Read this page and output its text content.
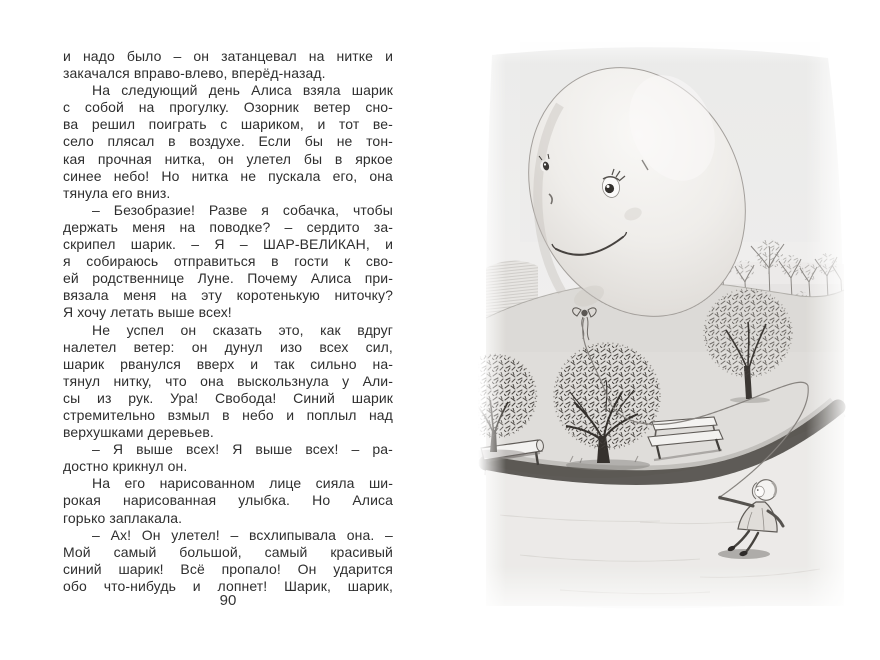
и надо было – он затанцевал на нитке и
закачался вправо-влево, вперёд-назад.
На следующий день Алиса взяла шарик
с собой на прогулку. Озорник ветер сно-
ва решил поиграть с шариком, и тот ве-
село плясал в воздухе. Если бы не тон-
кая прочная нитка, он улетел бы в яркое
синее небо! Но нитка не пускала его, она
тянула его вниз.
– Безобразие! Разве я собачка, чтобы
держать меня на поводке? – сердито за-
скрипел шарик. – Я – ШАР-ВЕЛИКАН, и
я собираюсь отправиться в гости к сво-
ей родственнице Луне. Почему Алиса при-
вязала меня на эту коротенькую ниточку?
Я хочу летать выше всех!
Не успел он сказать это, как вдруг
налетел ветер: он дунул изо всех сил,
шарик рванулся вверх и так сильно на-
тянул нитку, что она выскользнула у Али-
сы из рук. Ура! Свобода! Синий шарик
стремительно взмыл в небо и поплыл над
верхушками деревьев.
– Я выше всех! Я выше всех! – ра-
достно крикнул он.
На его нарисованном лице сияла ши-
рокая нарисованная улыбка. Но Алиса
горько заплакала.
– Ах! Он улетел! – всхлипывала она. –
Мой самый большой, самый красивый
синий шарик! Всё пропало! Он ударится
обо что-нибудь и лопнет! Шарик, шарик,
90
